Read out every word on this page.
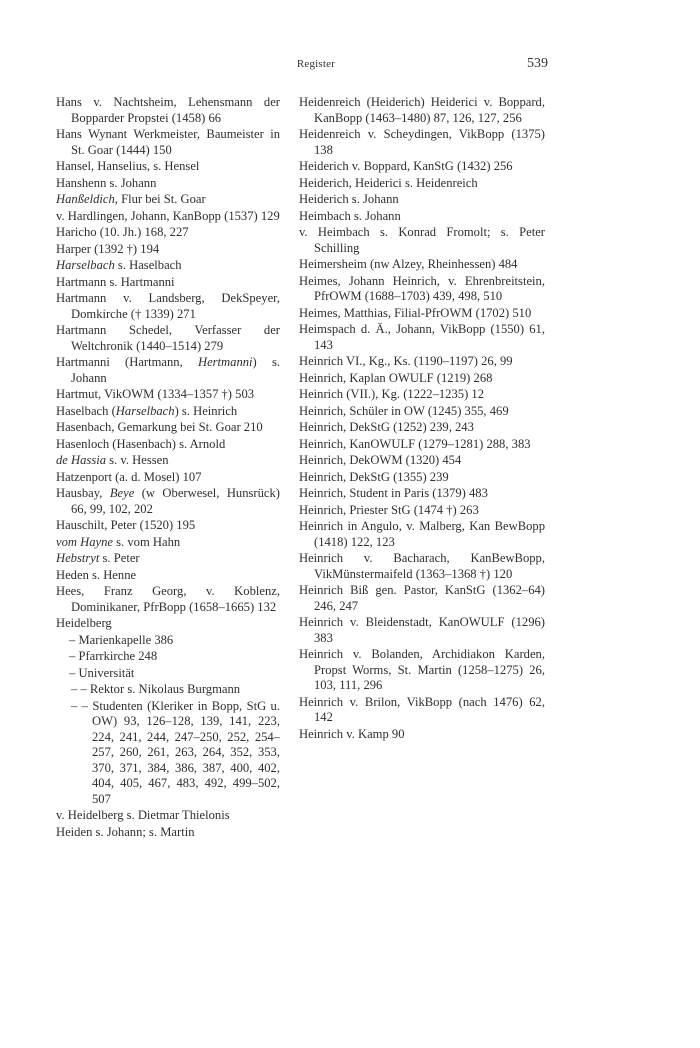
Register	539
Hans v. Nachtsheim, Lehensmann der Bopparder Propstei (1458) 66
Hans Wynant Werkmeister, Baumeister in St. Goar (1444) 150
Hansel, Hanselius, s. Hensel
Hanshenn s. Johann
Hanßeldich, Flur bei St. Goar
v. Hardlingen, Johann, KanBopp (1537) 129
Haricho (10. Jh.) 168, 227
Harper (1392 †) 194
Harselbach s. Haselbach
Hartmann s. Hartmanni
Hartmann v. Landsberg, DekSpeyer, Domkirche († 1339) 271
Hartmann Schedel, Verfasser der Weltchronik (1440–1514) 279
Hartmanni (Hartmann, Hertmanni) s. Johann
Hartmut, VikOWM (1334–1357 †) 503
Haselbach (Harselbach) s. Heinrich
Hasenbach, Gemarkung bei St. Goar 210
Hasenloch (Hasenbach) s. Arnold
de Hassia s. v. Hessen
Hatzenport (a. d. Mosel) 107
Hausbay, Beye (w Oberwesel, Hunsrück) 66, 99, 102, 202
Hauschilt, Peter (1520) 195
vom Hayne s. vom Hahn
Hebstryt s. Peter
Heden s. Henne
Hees, Franz Georg, v. Koblenz, Dominikaner, PfrBopp (1658–1665) 132
Heidelberg
– Marienkapelle 386
– Pfarrkirche 248
– Universität
– – Rektor s. Nikolaus Burgmann
– – Studenten (Kleriker in Bopp, StG u. OW) 93, 126–128, 139, 141, 223, 224, 241, 244, 247–250, 252, 254–257, 260, 261, 263, 264, 352, 353, 370, 371, 384, 386, 387, 400, 402, 404, 405, 467, 483, 492, 499–502, 507
v. Heidelberg s. Dietmar Thielonis
Heiden s. Johann; s. Martin
Heidenreich (Heiderich) Heiderici v. Boppard, KanBopp (1463–1480) 87, 126, 127, 256
Heidenreich v. Scheydingen, VikBopp (1375) 138
Heiderich v. Boppard, KanStG (1432) 256
Heiderich, Heiderici s. Heidenreich
Heiderich s. Johann
Heimbach s. Johann
v. Heimbach s. Konrad Fromolt; s. Peter Schilling
Heimersheim (nw Alzey, Rheinhessen) 484
Heimes, Johann Heinrich, v. Ehrenbreitstein, PfrOWM (1688–1703) 439, 498, 510
Heimes, Matthias, Filial-PfrOWM (1702) 510
Heimspach d. Ä., Johann, VikBopp (1550) 61, 143
Heinrich VI., Kg., Ks. (1190–1197) 26, 99
Heinrich, Kaplan OWULF (1219) 268
Heinrich (VII.), Kg. (1222–1235) 12
Heinrich, Schüler in OW (1245) 355, 469
Heinrich, DekStG (1252) 239, 243
Heinrich, KanOWULF (1279–1281) 288, 383
Heinrich, DekOWM (1320) 454
Heinrich, DekStG (1355) 239
Heinrich, Student in Paris (1379) 483
Heinrich, Priester StG (1474 †) 263
Heinrich in Angulo, v. Malberg, Kan BewBopp (1418) 122, 123
Heinrich v. Bacharach, KanBewBopp, VikMünstermaifeld (1363–1368 †) 120
Heinrich Biß gen. Pastor, KanStG (1362–64) 246, 247
Heinrich v. Bleidenstadt, KanOWULF (1296) 383
Heinrich v. Bolanden, Archidiakon Karden, Propst Worms, St. Martin (1258–1275) 26, 103, 111, 296
Heinrich v. Brilon, VikBopp (nach 1476) 62, 142
Heinrich v. Kamp 90
